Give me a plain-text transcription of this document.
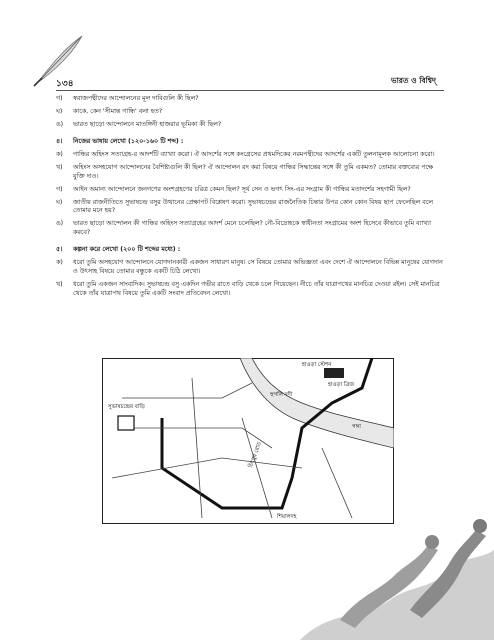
১৩৪	ভারত ও বিশ্বিদ্
গ)	স্বরাজপন্থীদের আন্দোলনের মূল দাবিগুলি কী ছিল?
ঘ)	কাকে, কেন 'সীমান্ত গান্ধি' বলা হত?
ঙ)	ভারত ছাড়ো আন্দোলনে মাতঙ্গিনী হাজরার ভূমিকা কী ছিল?
৪।	নিজের ভাষায় লেখো (১২০-১৬০ টি শব্দ) :
ক)	গান্ধির অহিংস সত্যাগ্রহ-র আদর্শটি ব্যাখ্যা করো। ঐ আদর্শের সঙ্গে কংগ্রেসের প্রথমদিকের নরমপন্থীদের আদর্শের একটি তুলনামূলক আলোচনা করো।
খ)	অহিংস অসহযোগ আন্দোলনের বৈশিষ্ট্যগুলি কী ছিল? ঐ আন্দোলন রদ করা বিষয়ে গান্ধির সিদ্ধান্তের সঙ্গে কী তুমি একমত? তোমার বক্তব্যের পক্ষে যুক্তি দাও।
গ)	আইন অমান্য আন্দোলনে জনগণের অংশগ্রহণের চরিত্র কেমন ছিল? সূর্য সেন ও ভগৎ সিং-এর সংগ্রাম কী গান্ধির মতাদর্শের সহগামী ছিল?
ঘ)	জাতীয় রাজনীতিতে সুভাষচন্দ্র বসুর উত্থানের প্রেক্ষাপট বিশ্লেষণ করো। সুভাষচন্দ্রের রাজনৈতিক চিন্তার উপর কোন কোন বিষয় ছাপ ফেলেছিল বলে তোমার মনে হয়?
ঙ)	ভারত ছাড়ো আন্দোলন কী গান্ধির অহিংস সত্যাগ্রহের আদর্শ মেনে চলেছিল? নৌ-বিদ্রোহকে স্বাধীনতা সংগ্রামের অংশ হিসেবে কীভাবে তুমি ব্যাখ্যা করবে?
৫।	কল্পনা করে লেখো (২০০ টি শব্দের মধ্যে) :
ক)	ধরো তুমি অসহযোগ আন্দোলনে যোগদানকারী একজন সাধারণ মানুষ। সে বিষয়ে তোমার অভিজ্ঞতা এবং দেশে ঐ আন্দোলনে বিভিন্ন মানুষের যোগদান ও উৎসাহ বিষয়ে তোমার বন্ধুকে একটি চিঠি লেখো।
খ)	ধরো তুমি একজন সাংবাদিক। সুভাষচন্দ্র বসু একদিন গভীর রাতে বাড়ি থেকে চলে গিয়েছেন। নীচে তাঁর যাত্রাপথের মানচিত্র দেওয়া রইল। সেই মানচিত্র থেকে তাঁর যাত্রাপথ বিষয়ে তুমি একটি সংবাদ প্রতিবেদন লেখো।
সুভাষচন্দ্রের বাড়ি
হাওড়া স্টেশন
হুগলি নদী
গঙ্গা
হাওড়া ব্রিজ
চিৎপুর রোড
শিয়ালদহ
